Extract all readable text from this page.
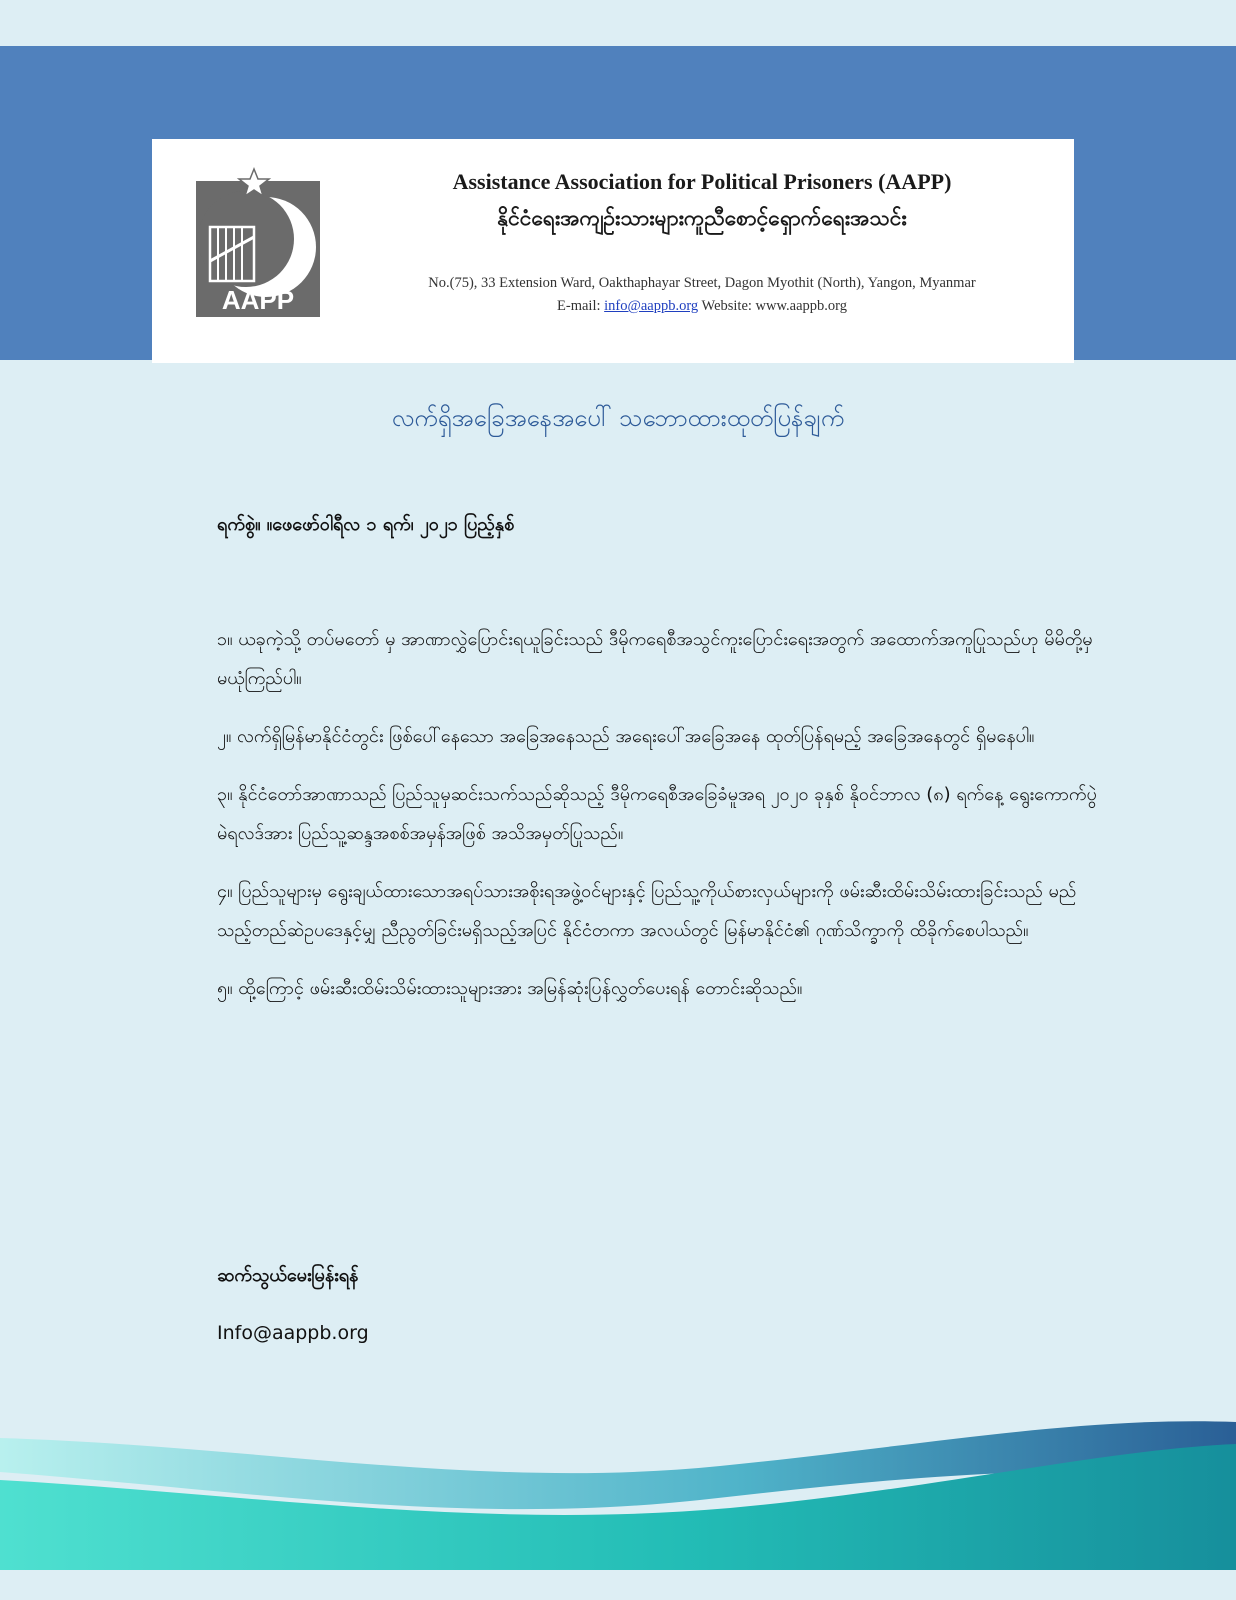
AAPP
Assistance Association for Political Prisoners (AAPP)
နိုင်ငံရေးအကျဉ်းသားများကူညီစောင့်ရှောက်ရေးအသင်း
No.(75), 33 Extension Ward, Oakthaphayar Street, Dagon Myothit (North), Yangon, Myanmar
E-mail: info@aappb.org Website: www.aappb.org
လက်ရှိအခြေအနေအပေါ် သဘောထားထုတ်ပြန်ချက်
ရက်စွဲ။ ။ဖေဖော်ဝါရီလ ၁ ရက်၊ ၂၀၂၁ ပြည့်နှစ်

၁။ ယခုကဲ့သို့ တပ်မတော် မှ အာဏာလွှဲပြောင်းရယူခြင်းသည် ဒီမိုကရေစီအသွင်ကူးပြောင်းရေးအတွက် အထောက်အကူပြုသည်ဟု မိမိတို့မှ မယုံကြည်ပါ။

၂။ လက်ရှိမြန်မာနိုင်ငံတွင်း ဖြစ်ပေါ်နေသော အခြေအနေသည် အရေးပေါ်အခြေအနေ ထုတ်ပြန်ရမည့် အခြေအနေတွင် ရှိမနေပါ။

၃။ နိုင်ငံတော်အာဏာသည် ပြည်သူမှဆင်းသက်သည်ဆိုသည့် ဒီမိုကရေစီအခြေခံမူအရ ၂၀၂၀ ခုနှစ် နိုဝင်ဘာလ (၈) ရက်နေ့ ရွေးကောက်ပွဲမဲရလဒ်အား ပြည်သူ့ဆန္ဒအစစ်အမှန်အဖြစ် အသိအမှတ်ပြုသည်။

၄။ ပြည်သူများမှ ရွေးချယ်ထားသောအရပ်သားအစိုးရအဖွဲ့ဝင်များနှင့် ပြည်သူ့ကိုယ်စားလှယ်များကို ဖမ်းဆီးထိမ်းသိမ်းထားခြင်းသည် မည်သည့်တည်ဆဲဥပဒေနှင့်မျှ ညီညွတ်ခြင်းမရှိသည့်အပြင် နိုင်ငံတကာ အလယ်တွင် မြန်မာနိုင်ငံ၏ ဂုဏ်သိက္ခာကို ထိခိုက်စေပါသည်။

၅။ ထို့ကြောင့် ဖမ်းဆီးထိမ်းသိမ်းထားသူများအား အမြန်ဆုံးပြန်လွှတ်ပေးရန် တောင်းဆိုသည်။

ဆက်သွယ်မေးမြန်းရန်
Info@aappb.org
